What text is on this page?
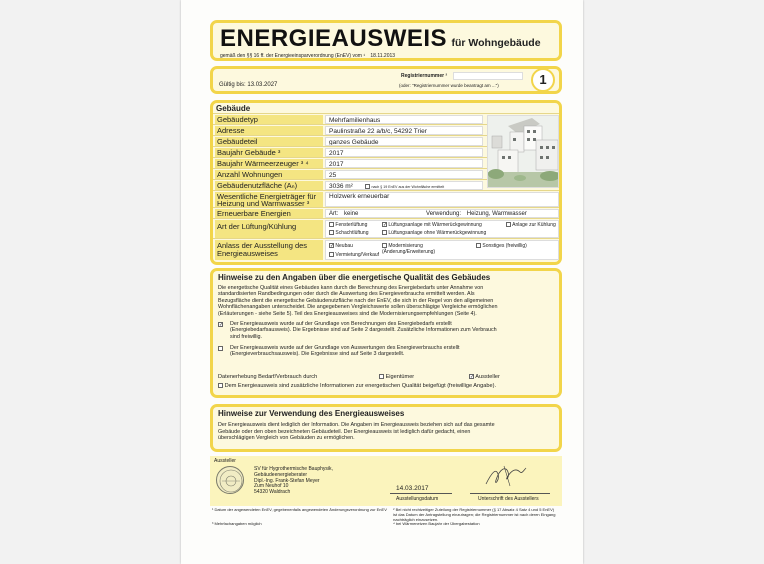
ENERGIEAUSWEIS für Wohngebäude
gemäß den §§ 16 ff. der Energieeinsparverordnung (EnEV) vom ¹ 18.11.2013
Gültig bis: 13.03.2027
Registriernummer ²
(oder: "Registriernummer wurde beantragt am ...")	1
Gebäude
Gebäudetyp	Mehrfamilienhaus
Adresse	Paulinstraße 22 a/b/c, 54292 Trier
Gebäudeteil	ganzes Gebäude
Baujahr Gebäude ³	2017
Baujahr Wärmeerzeuger ³ ⁴	2017
Anzahl Wohnungen	25
Gebäudenutzfläche (Aₙ)	3036 m²	nach § 19 EnEV aus der Wohnfläche ermittelt
Wesentliche Energieträger für
Heizung und Warmwasser ³
Holzwerk erneuerbar
Erneuerbare Energien	Art: keine	Verwendung: Heizung, Warmwasser
Art der Lüftung/Kühlung	Fensterlüftung	✓ Lüftungsanlage mit Wärmerückgewinnung	Anlage zur Kühlung
Schachtlüftung	Lüftungsanlage ohne Wärmerückgewinnung
Anlass der Ausstellung des
Energieausweises
✓ Neubau	Modernisierung (Änderung/Erweiterung)
Sonstiges (freiwillig)
Vermietung/Verkauf
Hinweise zu den Angaben über die energetische Qualität des Gebäudes
Die energetische Qualität eines Gebäudes kann durch die Berechnung des Energiebedarfs unter Annahme von
standardisierten Randbedingungen oder durch die Auswertung des Energieverbrauchs ermittelt werden. Als
Bezugsfläche dient die energetische Gebäudenutzfläche nach der EnEV, die sich in der Regel von den allgemeinen
Wohnflächenangaben unterscheidet. Die angegebenen Vergleichswerte sollen überschlägige Vergleiche ermöglichen
(Erläuterungen - siehe Seite 5). Teil des Energieausweises sind die Modernisierungsempfehlungen (Seite 4).
✓ Der Energieausweis wurde auf der Grundlage von Berechnungen des Energiebedarfs erstellt
(Energiebedarfsausweis). Die Ergebnisse sind auf Seite 2 dargestellt. Zusätzliche Informationen zum Verbrauch
sind freiwillig.
Der Energieausweis wurde auf der Grundlage von Auswertungen des Energieverbrauchs erstellt
(Energieverbrauchsausweis). Die Ergebnisse sind auf Seite 3 dargestellt.
Datenerhebung Bedarf/Verbrauch durch	Eigentümer	✓ Aussteller
Dem Energieausweis sind zusätzliche Informationen zur energetischen Qualität beigefügt (freiwillige Angabe).
Hinweise zur Verwendung des Energieausweises
Der Energieausweis dient lediglich der Information. Die Angaben im Energieausweis beziehen sich auf das gesamte
Gebäude oder den oben bezeichneten Gebäudeteil. Der Energieausweis ist lediglich dafür gedacht, einen
überschlägigen Vergleich von Gebäuden zu ermöglichen.
Aussteller
SV für Hygrothermische Bauphysik,
Gebäudeenergieberater
Dipl.-Ing. Frank-Stefan Meyer
Zum Neuhof 10
54320 Waldrach
14.03.2017
Ausstellungsdatum	Unterschrift des Ausstellers
¹ Datum der angewendeten EnEV, gegebenenfalls angewendeten Änderungsverordnung zur EnEV ² Bei nicht rechtzeitiger Zuteilung der Registriernummer (§ 17 Absatz 4 Satz 4 und 5 EnEV) ist das Datum der Antragstellung einzutragen; die Registriernummer ist nach deren Eingang nachträglich einzusetzen. ³ Mehrfachangaben möglich	⁴ bei Wärmenetzen Baujahr der Übergabestation
